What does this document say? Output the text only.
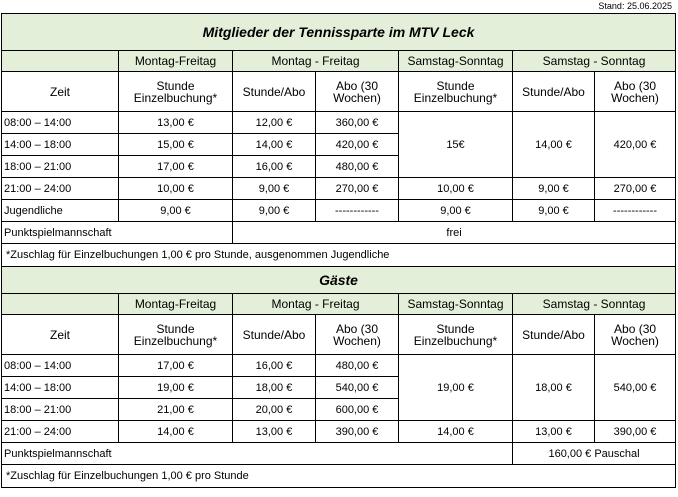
Stand: 25.06.2025
Mitglieder der Tennissparte im MTV Leck						
	Montag-Freitag	Montag - Freitag		Samstag-Sonntag	Samstag - Sonntag	
Zeit	Stunde Einzelbuchung*	Stunde/Abo	Abo (30 Wochen)	Stunde Einzelbuchung*	Stunde/Abo	Abo (30 Wochen)
08:00 – 14:00	13,00 €	12,00 €	360,00 €	15€	14,00 €	420,00 €
14:00 – 18:00	15,00 €	14,00 €	420,00 €			
18:00 – 21:00	17,00 €	16,00 €	480,00 €			
21:00 – 24:00	10,00 €	9,00 €	270,00 €	10,00 €	9,00 €	270,00 €
Jugendliche	9,00 €	9,00 €	------------	9,00 €	9,00 €	------------
Punktspielmannschaft		frei				
*Zuschlag für Einzelbuchungen 1,00 € pro Stunde, ausgenommen Jugendliche						
Gäste						
	Montag-Freitag	Montag - Freitag		Samstag-Sonntag	Samstag - Sonntag	
Zeit	Stunde Einzelbuchung*	Stunde/Abo	Abo (30 Wochen)	Stunde Einzelbuchung*	Stunde/Abo	Abo (30 Wochen)
08:00 – 14:00	17,00 €	16,00 €	480,00 €	19,00 €	18,00 €	540,00 €
14:00 – 18:00	19,00 €	18,00 €	540,00 €			
18:00 – 21:00	21,00 €	20,00 €	600,00 €			
21:00 – 24:00	14,00 €	13,00 €	390,00 €	14,00 €	13,00 €	390,00 €
Punktspielmannschaft					160,00 € Pauschal	
*Zuschlag für Einzelbuchungen 1,00 € pro Stunde						
